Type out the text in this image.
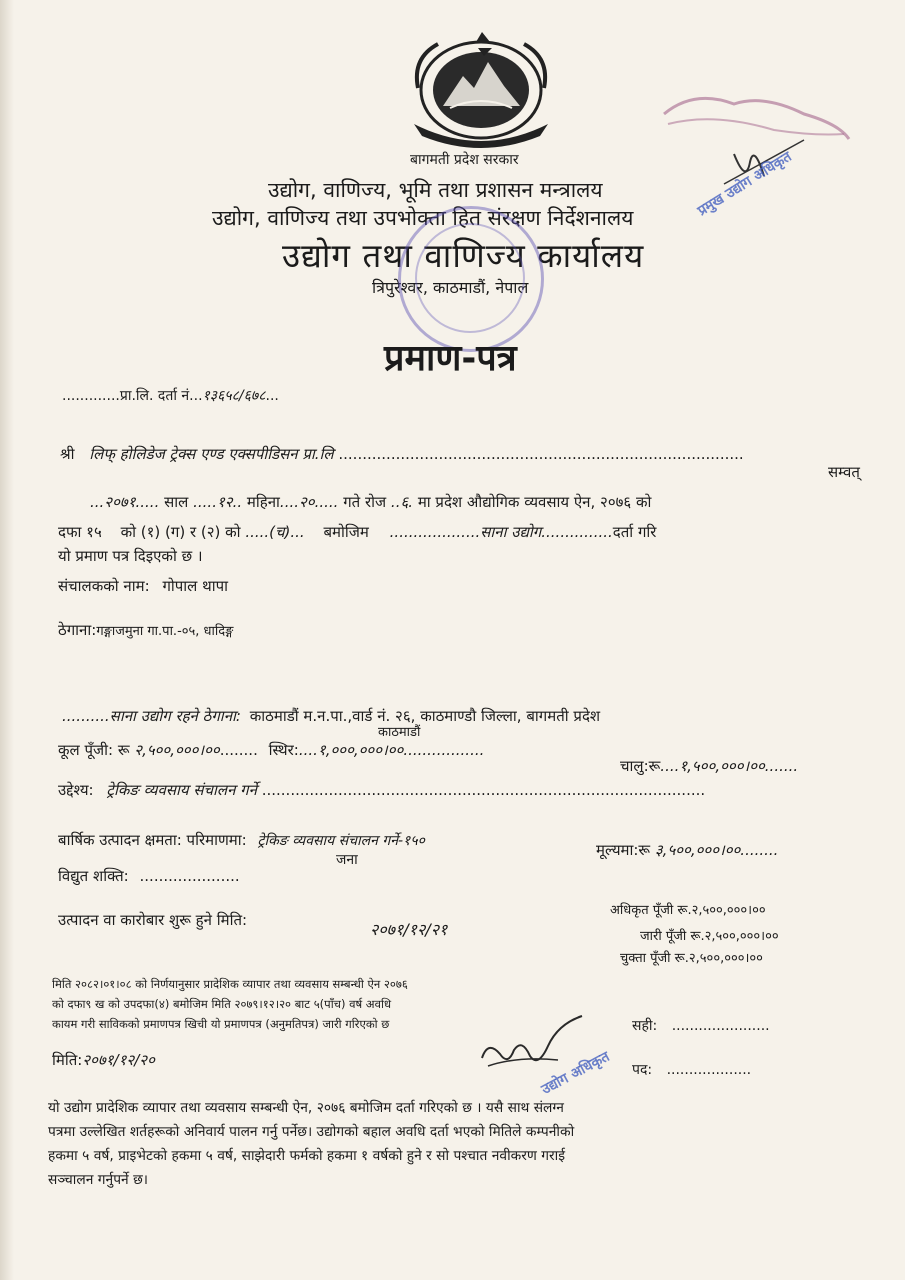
बागमती प्रदेश सरकार
उद्योग, वाणिज्य, भूमि तथा प्रशासन मन्त्रालय
उद्योग, वाणिज्य तथा उपभोक्ता हित संरक्षण निर्देशनालय
उद्योग तथा वाणिज्य कार्यालय
त्रिपुरेश्वर, काठमाडौं, नेपाल
प्रमुख उद्योग अधिकृत
प्रमाण-पत्र
.............प्रा.लि. दर्ता नं...१३६५८/६७८...
श्री लिफ् होलिडेज ट्रेक्स एण्ड एक्सपीडिसन प्रा.लि .....................................................................................
सम्वत्
...२०७१..... साल .....१२.. महिना....२०..... गते रोज ..६. मा प्रदेश औद्योगिक व्यवसाय ऐन, २०७६ को
दफा १५ को (१) (ग) र (२) को .....(च)... बमोजिम ...................साना उद्योग...............दर्ता गरि
यो प्रमाण पत्र दिइएको छ ।
संचालकको नाम: गोपाल थापा
ठेगाना:गङ्गाजमुना गा.पा.-०५, धादिङ्ग
..........साना उद्योग रहने ठेगाना: काठमाडौं म.न.पा.,वार्ड नं. २६, काठमाण्डौ जिल्ला, बागमती प्रदेश
काठमाडौं
कूल पूँजी: रू २,५००,०००।००........ स्थिर:....१,०००,०००।००.................
चालु:रू....१,५००,०००।००.......
उद्देश्य: ट्रेकिङ व्यवसाय संचालन गर्ने .............................................................................................
बार्षिक उत्पादन क्षमता: परिमाणमा: ट्रेकिङ व्यवसाय संचालन गर्ने-१५०	मूल्यमा:रू ३,५००,०००।००........
जना
विद्युत शक्ति: .....................
उत्पादन वा कारोबार शुरू हुने मिति:	२०७१/१२/२१
अधिकृत पूँजी रू.२,५००,०००।००
जारी पूँजी रू.२,५००,०००।००
चुक्ता पूँजी रू.२,५००,०००।००
मिति २०८२।०१।०८ को निर्णयानुसार प्रादेशिक व्यापार तथा व्यवसाय सम्बन्धी ऐन २०७६
को दफा९ ख को उपदफा(४) बमोजिम मिति २०७९।१२।२० बाट ५(पाँच) वर्ष अवधि
कायम गरी साविकको प्रमाणपत्र खिची यो प्रमाणपत्र (अनुमतिपत्र) जारी गरिएको छ	सही: ......................
उद्योग अधिकृत
मिति:२०७१/१२/२०
पद: ...................
यो उद्योग प्रादेशिक व्यापार तथा व्यवसाय सम्बन्धी ऐन, २०७६ बमोजिम दर्ता गरिएको छ । यसै साथ संलग्न
पत्रमा उल्लेखित शर्तहरूको अनिवार्य पालन गर्नु पर्नेछ। उद्योगको बहाल अवधि दर्ता भएको मितिले कम्पनीको
हकमा ५ वर्ष, प्राइभेटको हकमा ५ वर्ष, साझेदारी फर्मको हकमा १ वर्षको हुने र सो पश्चात नवीकरण गराई
सञ्चालन गर्नुपर्ने छ।
